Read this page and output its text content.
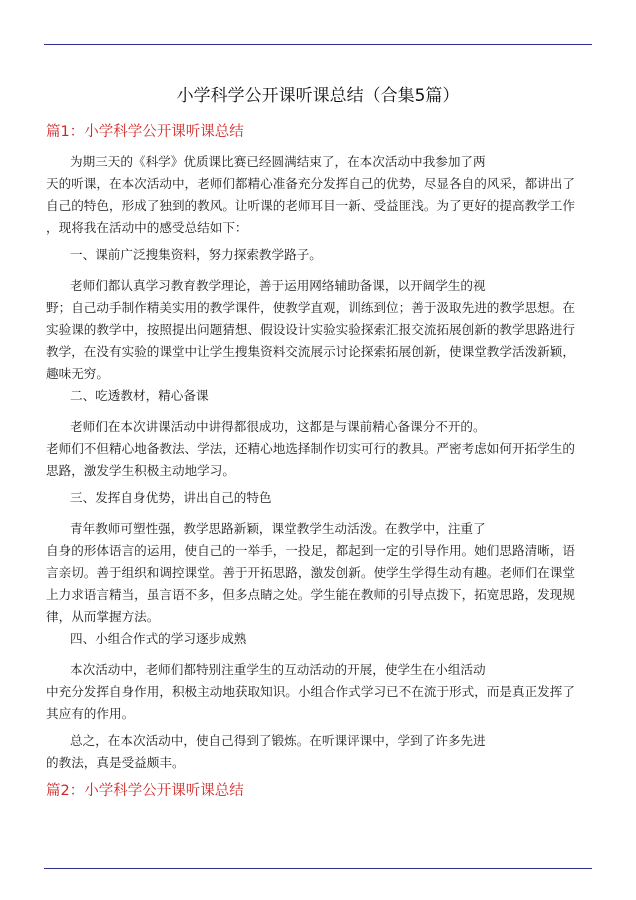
小学科学公开课听课总结（合集5篇）
篇1：小学科学公开课听课总结
为期三天的《科学》优质课比赛已经圆满结束了，在本次活动中我参加了两
天的听课，在本次活动中，老师们都精心准备充分发挥自己的优势，尽显各自的风采，都讲出了
自己的特色，形成了独到的教风。让听课的老师耳目一新、受益匪浅。为了更好的提高教学工作
，现将我在活动中的感受总结如下：
一、课前广泛搜集资料，努力探索教学路子。
老师们都认真学习教育教学理论，善于运用网络辅助备课，以开阔学生的视
野；自己动手制作精美实用的教学课件，使教学直观，训练到位；善于汲取先进的教学思想。在
实验课的教学中，按照提出问题猜想、假设设计实验实验探索汇报交流拓展创新的教学思路进行
教学，在没有实验的课堂中让学生搜集资料交流展示讨论探索拓展创新，使课堂教学活泼新颖，
趣味无穷。
二、吃透教材，精心备课
老师们在本次讲课活动中讲得都很成功，这都是与课前精心备课分不开的。
老师们不但精心地备教法、学法，还精心地选择制作切实可行的教具。严密考虑如何开拓学生的
思路，激发学生积极主动地学习。
三、发挥自身优势，讲出自己的特色
青年教师可塑性强，教学思路新颖，课堂教学生动活泼。在教学中，注重了
自身的形体语言的运用，使自己的一举手，一投足，都起到一定的引导作用。她们思路清晰，语
言亲切。善于组织和调控课堂。善于开拓思路，激发创新。使学生学得生动有趣。老师们在课堂
上力求语言精当，虽言语不多，但多点睛之处。学生能在教师的引导点拨下，拓宽思路，发现规
律，从而掌握方法。
四、小组合作式的学习逐步成熟
本次活动中，老师们都特别注重学生的互动活动的开展，使学生在小组活动
中充分发挥自身作用，积极主动地获取知识。小组合作式学习已不在流于形式，而是真正发挥了
其应有的作用。
总之，在本次活动中，使自己得到了锻炼。在听课评课中，学到了许多先进
的教法，真是受益颇丰。
篇2：小学科学公开课听课总结
